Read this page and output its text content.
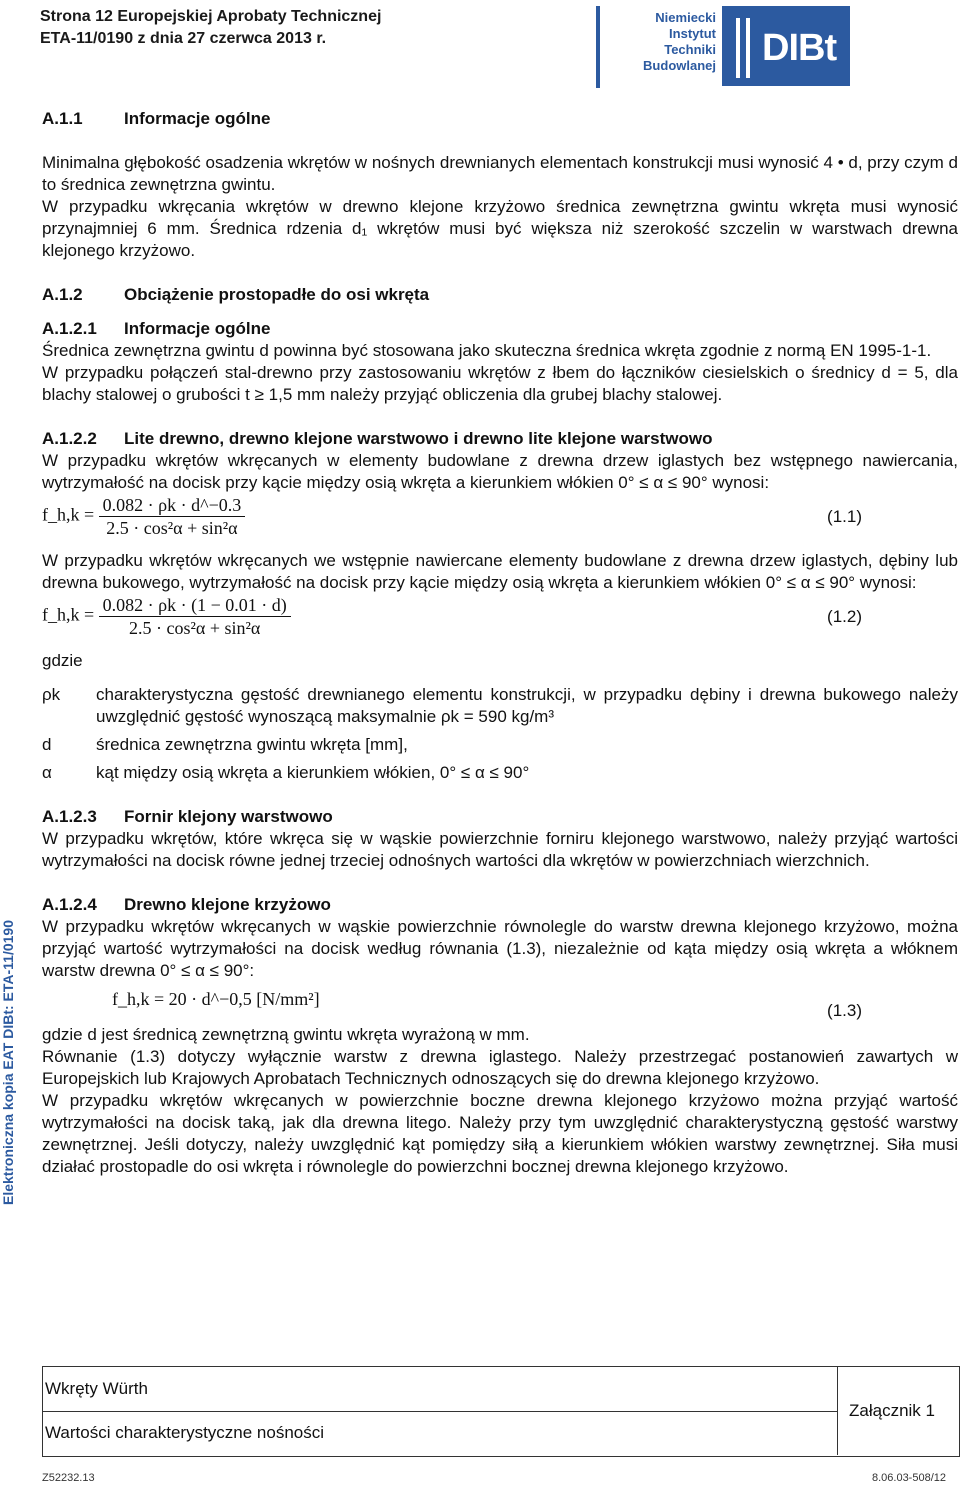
Strona 12 Europejskiej Aprobaty Technicznej
ETA-11/0190 z dnia 27 czerwca 2013 r.
Niemiecki
Instytut
Techniki
Budowlanej DIBt

A.1.1 Informacje ogólne

Minimalna głębokość osadzenia wkrętów w nośnych drewnianych elementach konstrukcji musi wynosić 4 • d, przy czym d to średnica zewnętrzna gwintu.

W przypadku wkręcania wkrętów w drewno klejone krzyżowo średnica zewnętrzna gwintu wkręta musi wynosić przynajmniej 6 mm. Średnica rdzenia d₁ wkrętów musi być większa niż szerokość szczelin w warstwach drewna klejonego krzyżowo.

A.1.2 Obciążenie prostopadłe do osi wkręta

A.1.2.1 Informacje ogólne

Średnica zewnętrzna gwintu d powinna być stosowana jako skuteczna średnica wkręta zgodnie z normą EN 1995-1-1.

W przypadku połączeń stal-drewno przy zastosowaniu wkrętów z łbem do łączników ciesielskich o średnicy d = 5, dla blachy stalowej o grubości t ≥ 1,5 mm należy przyjąć obliczenia dla grubej blachy stalowej.

A.1.2.2 Lite drewno, drewno klejone warstwowo i drewno lite klejone warstwowo

W przypadku wkrętów wkręcanych w elementy budowlane z drewna drzew iglastych bez wstępnego nawiercania, wytrzymałość na docisk przy kącie między osią wkręta a kierunkiem włókien 0° ≤ α ≤ 90° wynosi:

f_h,k = $\frac{0.082 \cdot \rho k \cdot d\^{}-0.3}{\text{2.5 · cos²α + sin²α}}$	(1.1)

W przypadku wkrętów wkręcanych we wstępnie nawiercane elementy budowlane z drewna drzew iglastych, dębiny lub drewna bukowego, wytrzymałość na docisk przy kącie między osią wkręta a kierunkiem włókien 0° ≤ α ≤ 90° wynosi:

f_h,k = $\frac{0.082 \cdot \rho k \cdot (1 - 0.01 \cdot d)}{\text{2.5 · cos²α + sin²α}}$	(1.2)

gdzie

ρk	charakterystyczna gęstość drewnianego elementu konstrukcji, w przypadku dębiny i drewna bukowego należy uwzględnić gęstość wynoszącą maksymalnie ρk = 590 kg/m³
d	średnica zewnętrzna gwintu wkręta [mm],
α	kąt między osią wkręta a kierunkiem włókien, 0° ≤ α ≤ 90°

A.1.2.3 Fornir klejony warstwowo

W przypadku wkrętów, które wkręca się w wąskie powierzchnie forniru klejonego warstwowo, należy przyjąć wartości wytrzymałości na docisk równe jednej trzeciej odnośnych wartości dla wkrętów w powierzchniach wierzchnich.

A.1.2.4 Drewno klejone krzyżowo

W przypadku wkrętów wkręcanych w wąskie powierzchnie równolegle do warstw drewna klejonego krzyżowo, można przyjąć wartość wytrzymałości na docisk według równania (1.3), niezależnie od kąta między osią wkręta a włóknem warstw drewna 0° ≤ α ≤ 90°:

f_h,k = 20 · d^−0,5 [N/mm²]
(1.3)

gdzie d jest średnicą zewnętrzną gwintu wkręta wyrażoną w mm.

Równanie (1.3) dotyczy wyłącznie warstw z drewna iglastego. Należy przestrzegać postanowień zawartych w Europejskich lub Krajowych Aprobatach Technicznych odnoszących się do drewna klejonego krzyżowo.

W przypadku wkrętów wkręcanych w powierzchnie boczne drewna klejonego krzyżowo można przyjąć wartość wytrzymałości na docisk taką, jak dla drewna litego. Należy przy tym uwzględnić charakterystyczną gęstość warstwy zewnętrznej. Jeśli dotyczy, należy uwzględnić kąt pomiędzy siłą a kierunkiem włókien warstwy zewnętrznej. Siła musi działać prostopadle do osi wkręta i równolegle do powierzchni bocznej drewna klejonego krzyżowo.

Elektroniczna kopia EAT DIBt: ETA-11/0190
Wkręty Würth
Wartości charakterystyczne nośności
Załącznik 1
Z52232.13	8.06.03-508/12
